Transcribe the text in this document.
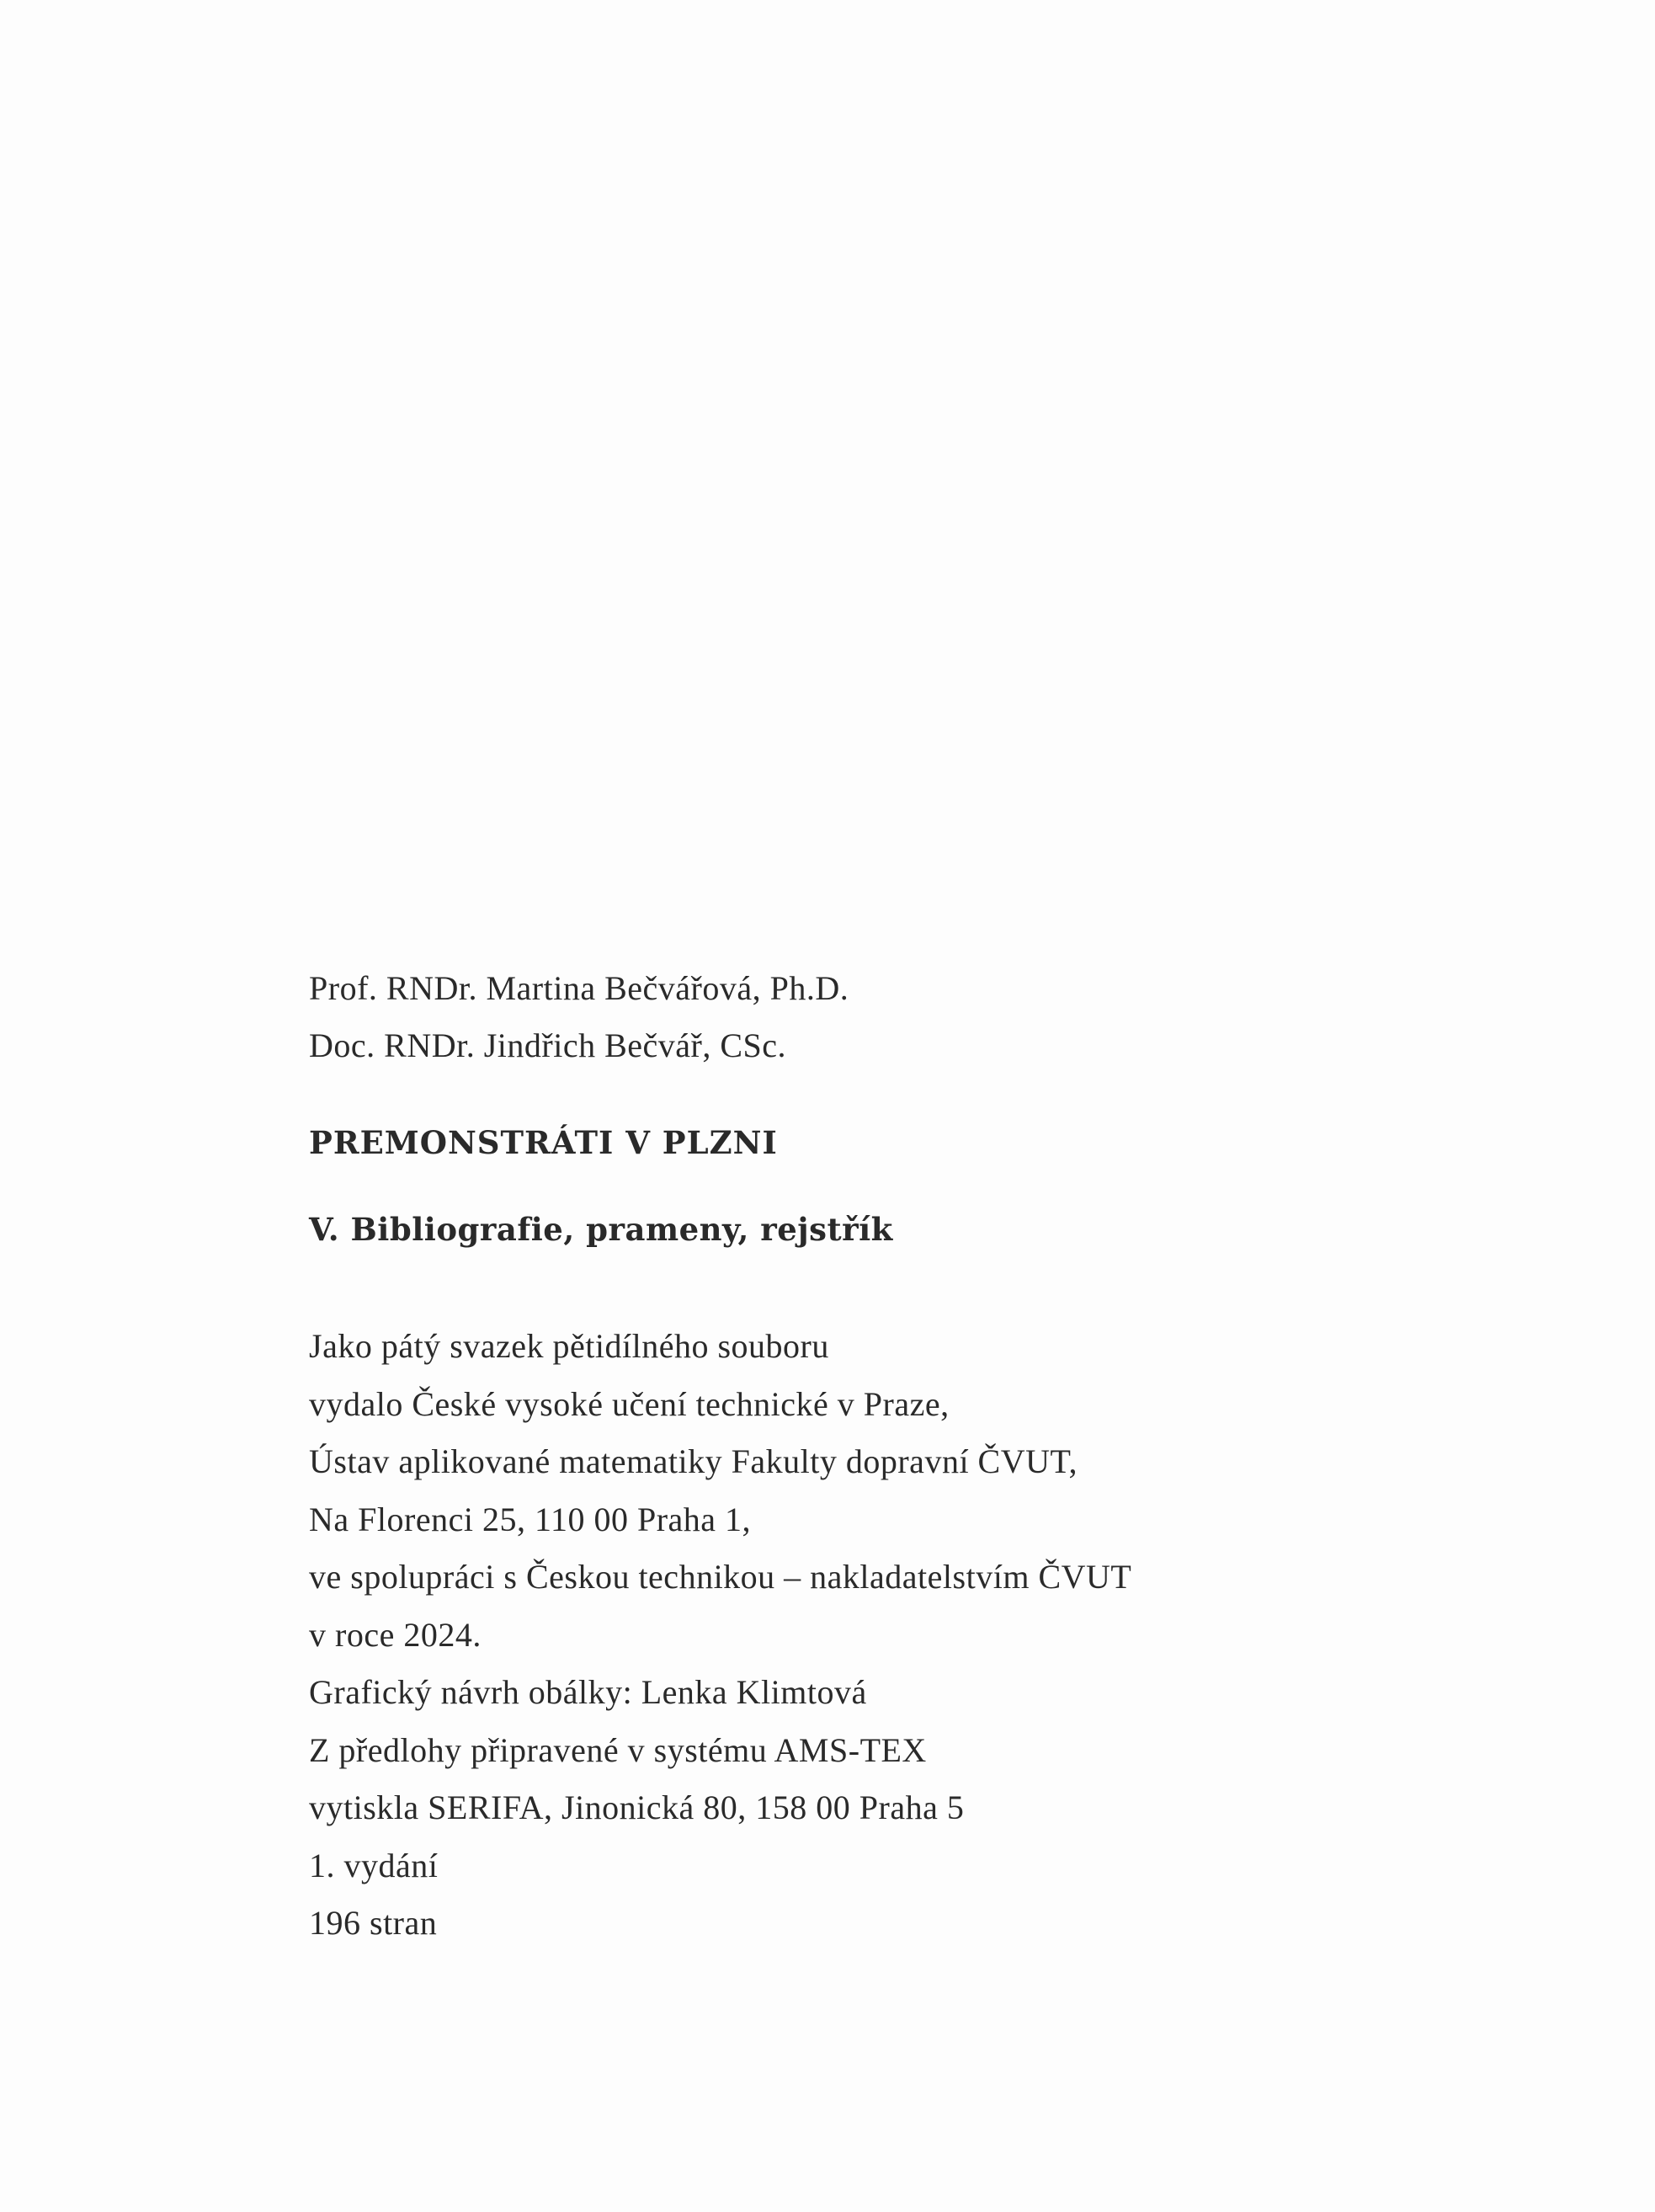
Prof. RNDr. Martina Bečvářová, Ph.D.
Doc. RNDr. Jindřich Bečvář, CSc.
PREMONSTRÁTI V PLZNI
V. Bibliografie, prameny, rejstřík
Jako pátý svazek pětidílného souboru
vydalo České vysoké učení technické v Praze,
Ústav aplikované matematiky Fakulty dopravní ČVUT,
Na Florenci 25, 110 00 Praha 1,
ve spolupráci s Českou technikou – nakladatelstvím ČVUT
v roce 2024.
Grafický návrh obálky: Lenka Klimtová
Z předlohy připravené v systému AMS-TEX
vytiskla SERIFA, Jinonická 80, 158 00 Praha 5
1. vydání
196 stran
